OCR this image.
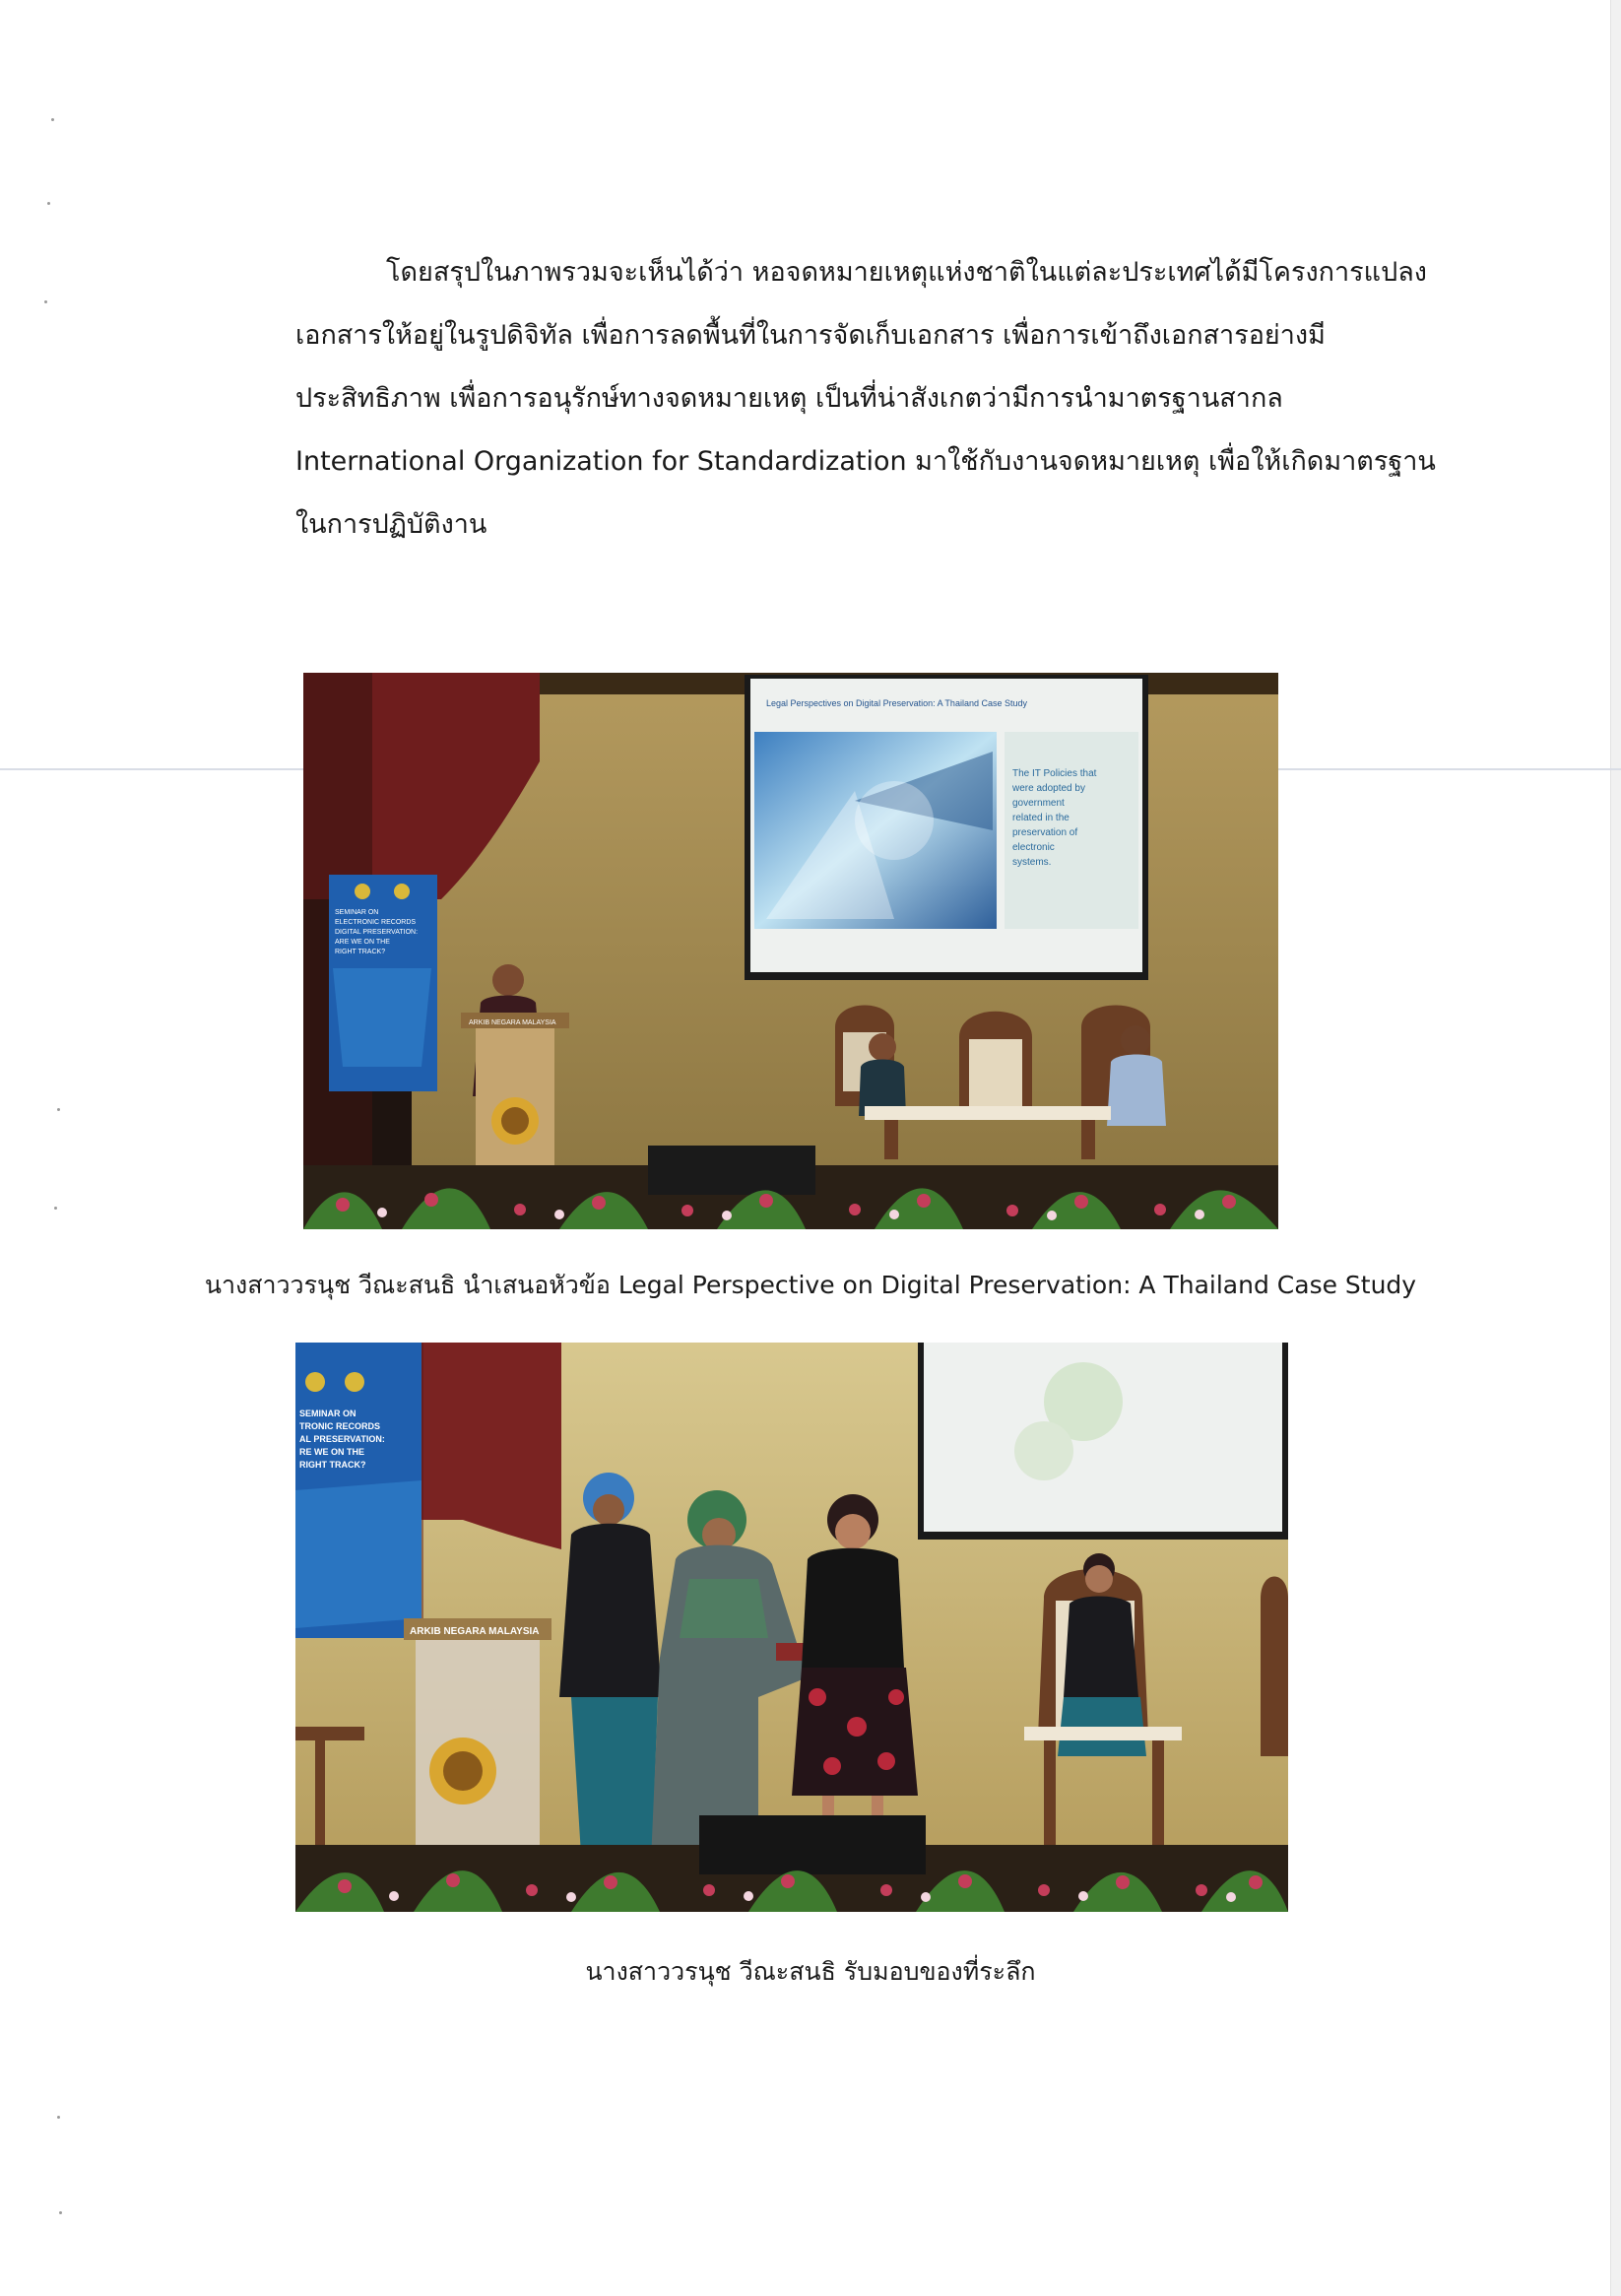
โดยสรุปในภาพรวมจะเห็นได้ว่า หอจดหมายเหตุแห่งชาติในแต่ละประเทศได้มีโครงการแปลง
เอกสารให้อยู่ในรูปดิจิทัล เพื่อการลดพื้นที่ในการจัดเก็บเอกสาร เพื่อการเข้าถึงเอกสารอย่างมี
ประสิทธิภาพ เพื่อการอนุรักษ์ทางจดหมายเหตุ เป็นที่น่าสังเกตว่ามีการนำมาตรฐานสากล
International Organization for Standardization มาใช้กับงานจดหมายเหตุ เพื่อให้เกิดมาตรฐาน
ในการปฏิบัติงาน
Legal Perspectives on Digital Preservation: A Thailand Case Study
The IT Policies that
were adopted by
government
related in the
preservation of
electronic
systems.
SEMINAR ON
ELECTRONIC RECORDS
DIGITAL PRESERVATION:
ARE WE ON THE
RIGHT TRACK?
ARKIB NEGARA MALAYSIA
นางสาววรนุช วีณะสนธิ นำเสนอหัวข้อ Legal Perspective on Digital Preservation: A Thailand Case Study
SEMINAR ON
TRONIC RECORDS
AL PRESERVATION:
RE WE ON THE
RIGHT TRACK?
ARKIB NEGARA MALAYSIA
นางสาววรนุช วีณะสนธิ รับมอบของที่ระลึก
